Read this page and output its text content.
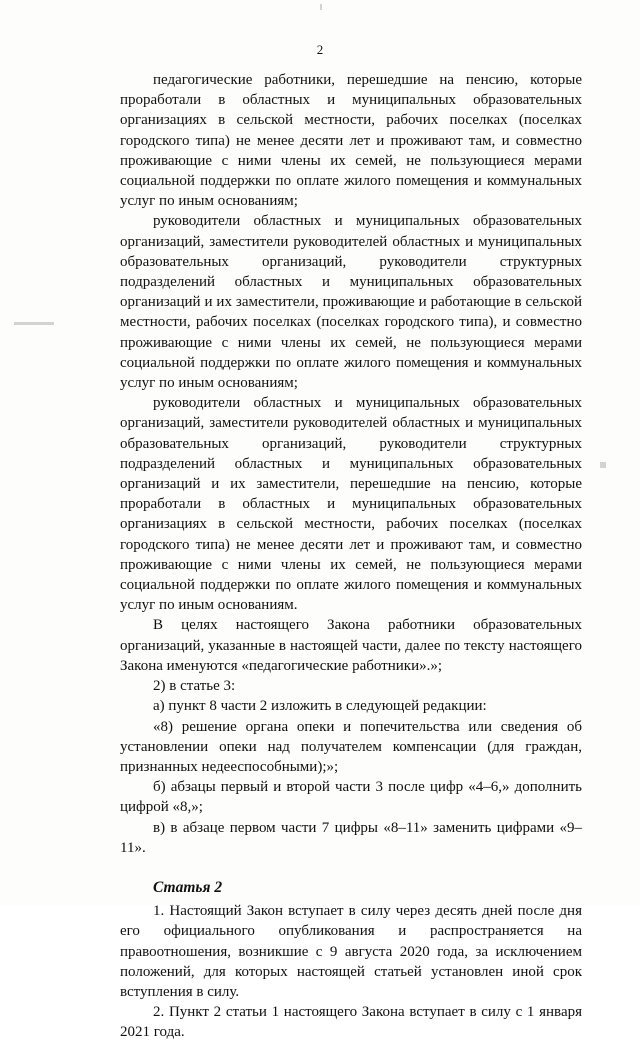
2

педагогические работники, перешедшие на пенсию, которые проработали в областных и муниципальных образовательных организациях в сельской местности, рабочих поселках (поселках городского типа) не менее десяти лет и проживают там, и совместно проживающие с ними члены их семей, не пользующиеся мерами социальной поддержки по оплате жилого помещения и коммунальных услуг по иным основаниям;

руководители областных и муниципальных образовательных организаций, заместители руководителей областных и муниципальных образовательных организаций, руководители структурных подразделений областных и муниципальных образовательных организаций и их заместители, проживающие и работающие в сельской местности, рабочих поселках (поселках городского типа), и совместно проживающие с ними члены их семей, не пользующиеся мерами социальной поддержки по оплате жилого помещения и коммунальных услуг по иным основаниям;

руководители областных и муниципальных образовательных организаций, заместители руководителей областных и муниципальных образовательных организаций, руководители структурных подразделений областных и муниципальных образовательных организаций и их заместители, перешедшие на пенсию, которые проработали в областных и муниципальных образовательных организациях в сельской местности, рабочих поселках (поселках городского типа) не менее десяти лет и проживают там, и совместно проживающие с ними члены их семей, не пользующиеся мерами социальной поддержки по оплате жилого помещения и коммунальных услуг по иным основаниям.

В целях настоящего Закона работники образовательных организаций, указанные в настоящей части, далее по тексту настоящего Закона именуются «педагогические работники».»;

2) в статье 3:

а) пункт 8 части 2 изложить в следующей редакции:

«8) решение органа опеки и попечительства или сведения об установлении опеки над получателем компенсации (для граждан, признанных недееспособными);»;

б) абзацы первый и второй части 3 после цифр «4–6,» дополнить цифрой «8,»;

в) в абзаце первом части 7 цифры «8–11» заменить цифрами «9–11».

Статья 2

1. Настоящий Закон вступает в силу через десять дней после дня его официального опубликования и распространяется на правоотношения, возникшие с 9 августа 2020 года, за исключением положений, для которых настоящей статьей установлен иной срок вступления в силу.

2. Пункт 2 статьи 1 настоящего Закона вступает в силу с 1 января 2021 года.
